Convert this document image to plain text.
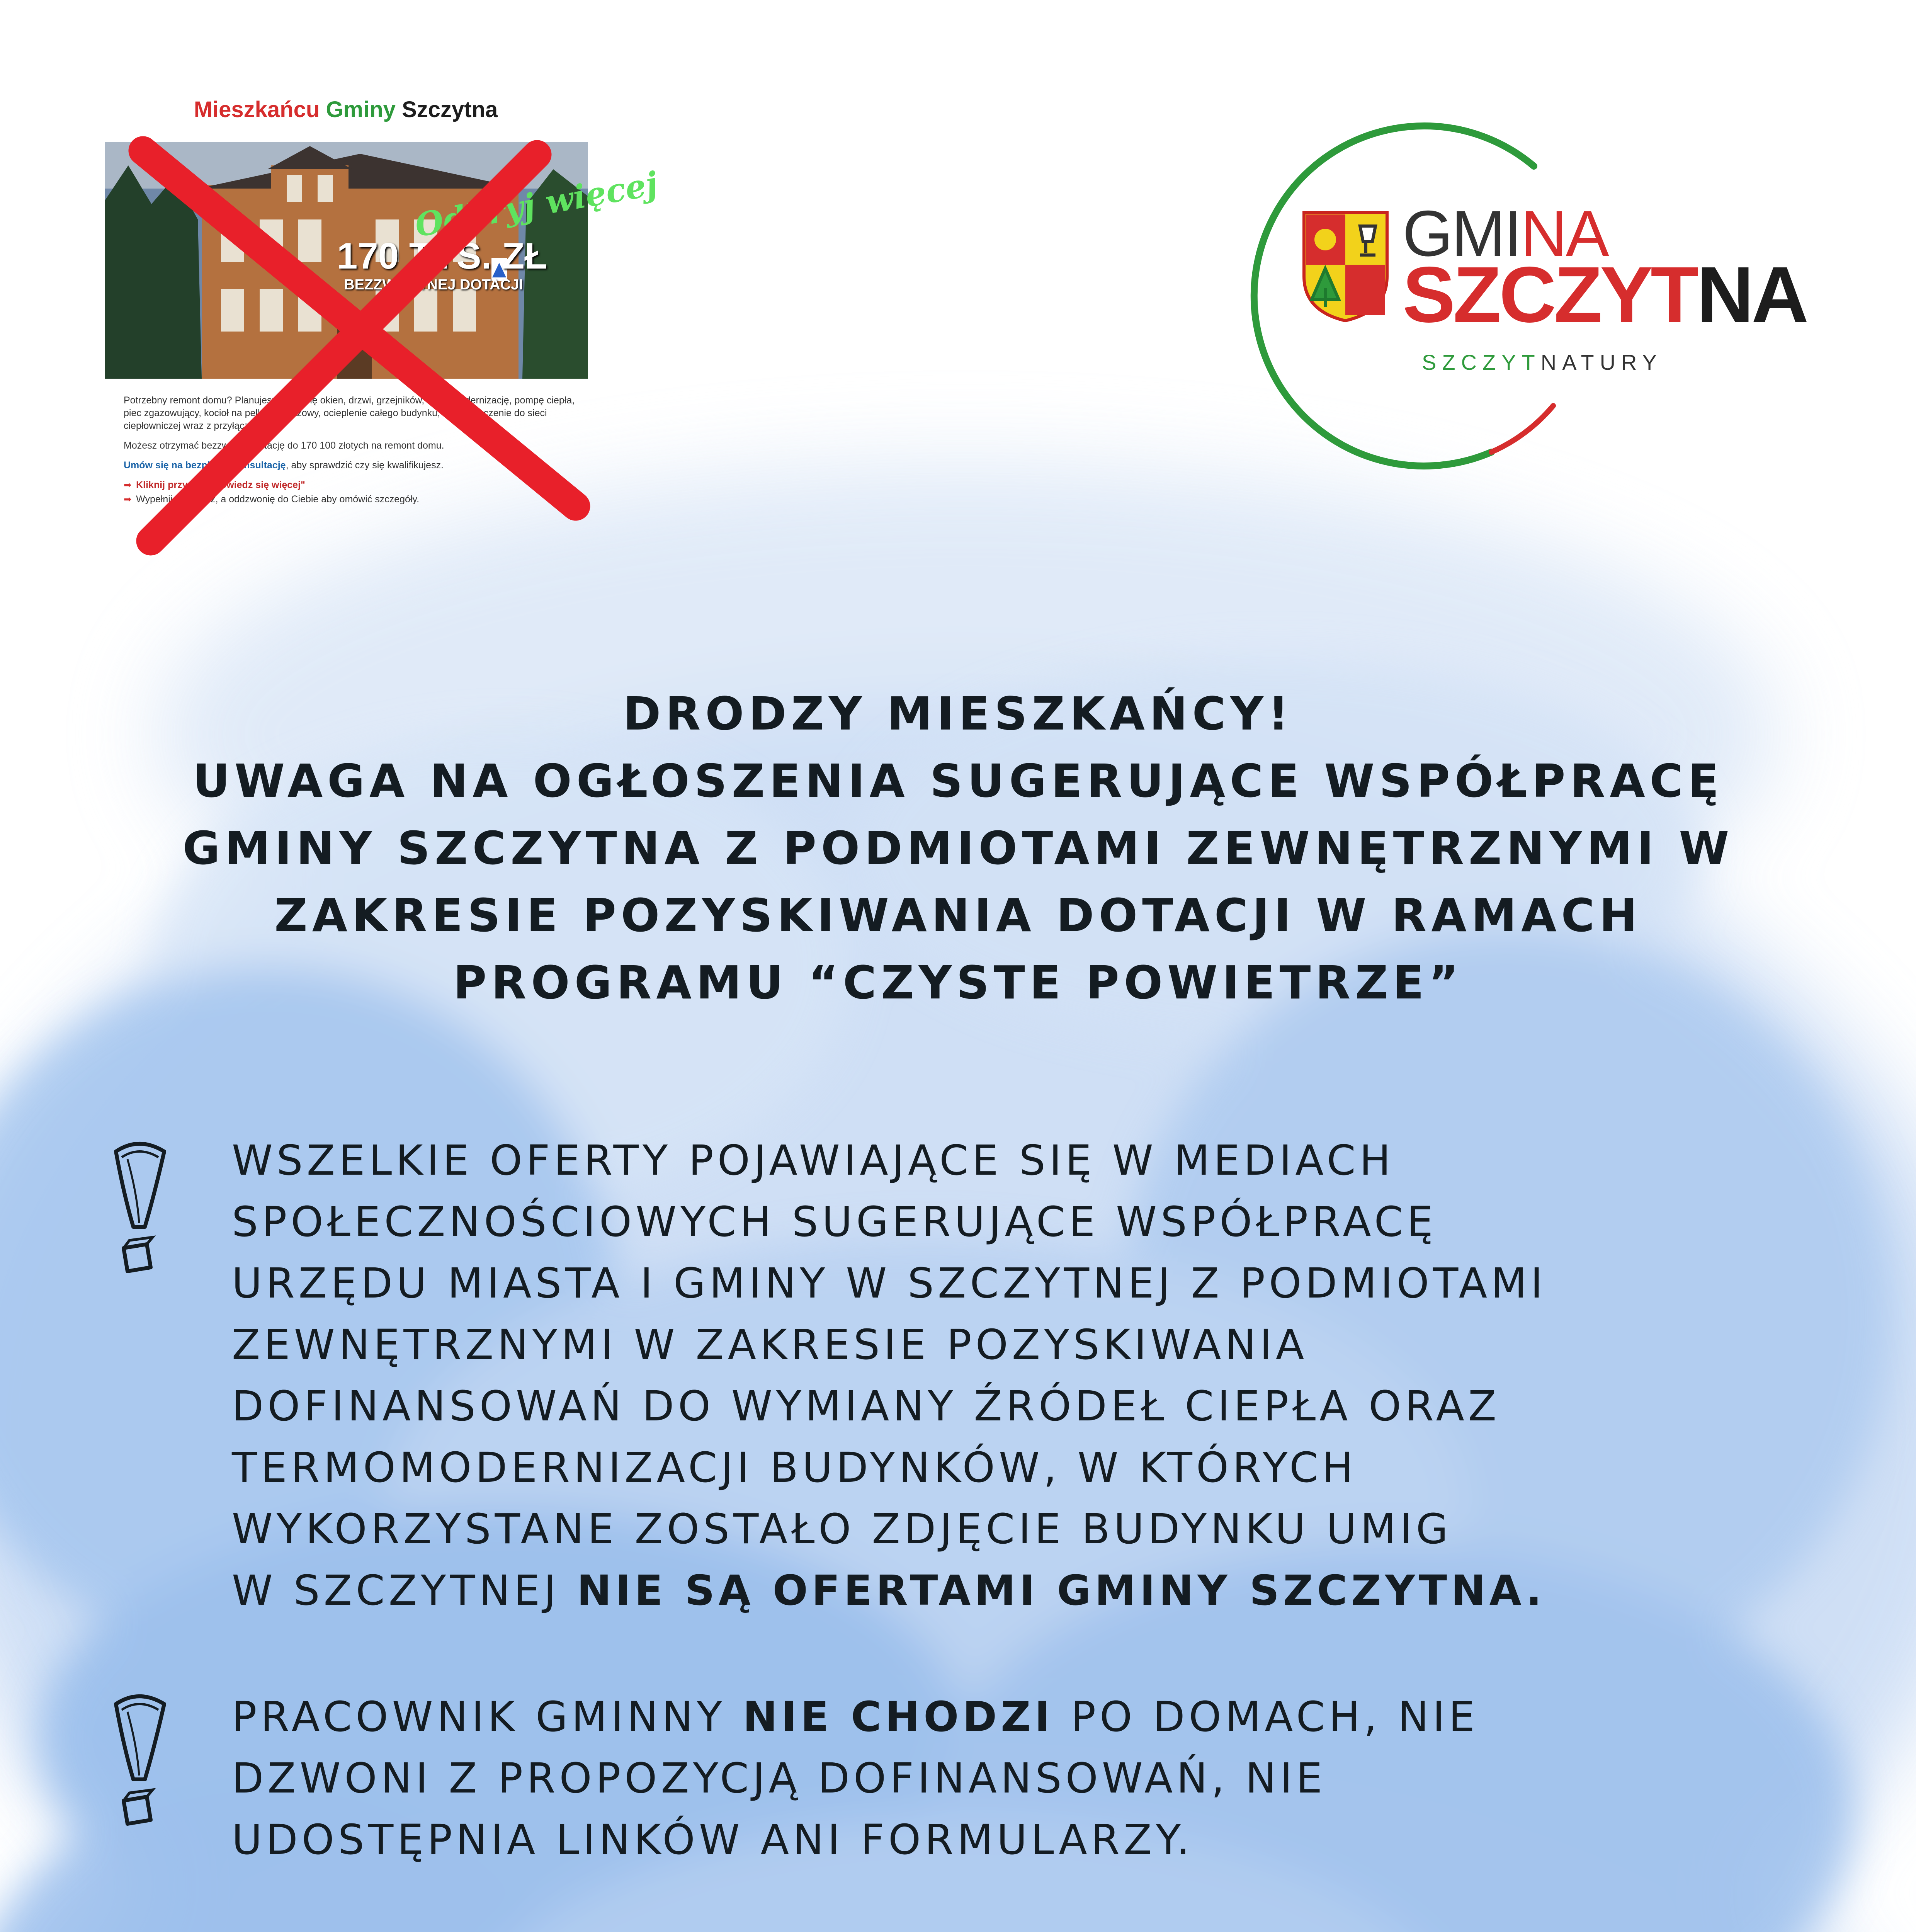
Mieszkańcu Gminy Szczytna
Odkryj więcej
170 ZŁ
BEZZWROTNEJ DOTACJI

Potrzebny remont domu? Planujesz wymianę okien, drzwi, grzejników, termomodernizację, pompę ciepła, piec zgazowujący, kocioł na pellet lub gazowy, ocieplenie całego budynku, czy podłączenie do sieci ciepłowniczej wraz z przyłączem?

Możesz otrzymać bezzwrotną dotację do 170 100 złotych na remont domu.

Umów się na bezpłatną konsultację, aby sprawdzić czy się kwalifikujesz.

➡ Kliknij "Dowiedz się więcej"
➡ Wypełnij formularz, a oddzwonię do Ciebie aby omówić szczegóły.
GMINA
SZCZYTNA
SZCZYTNATURY
DRODZY MIESZKAŃCY!
UWAGA NA OGŁOSZENIA SUGERUJĄCE WSPÓŁPRACĘ
GMINY SZCZYTNA Z PODMIOTAMI ZEWNĘTRZNYMI W
ZAKRESIE POZYSKIWANIA DOTACJI W RAMACH
PROGRAMU “CZYSTE POWIETRZE”
WSZELKIE OFERTY POJAWIAJĄCE SIĘ W MEDIACH
SPOŁECZNOŚCIOWYCH SUGERUJĄCE WSPÓŁPRACĘ
URZĘDU MIASTA I GMINY W SZCZYTNEJ Z PODMIOTAMI
ZEWNĘTRZNYMI W ZAKRESIE POZYSKIWANIA
DOFINANSOWAŃ DO WYMIANY ŹRÓDEŁ CIEPŁA ORAZ
TERMOMODERNIZACJI BUDYNKÓW, W KTÓRYCH
WYKORZYSTANE ZOSTAŁO ZDJĘCIE BUDYNKU UMIG
W SZCZYTNEJ NIE SĄ OFERTAMI GMINY SZCZYTNA.
PRACOWNIK GMINNY NIE CHODZI PO DOMACH, NIE
DZWONI Z PROPOZYCJĄ DOFINANSOWAŃ, NIE
UDOSTĘPNIA LINKÓW ANI FORMULARZY.
